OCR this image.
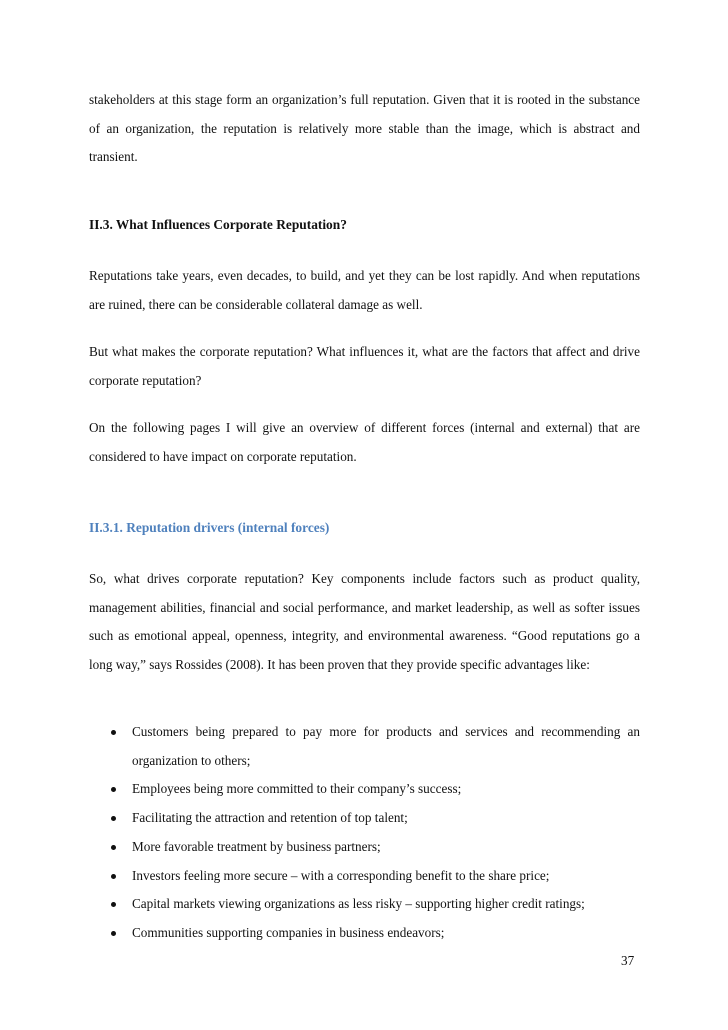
stakeholders at this stage form an organization’s full reputation. Given that it is rooted in the substance of an organization, the reputation is relatively more stable than the image, which is abstract and transient.

II.3. What Influences Corporate Reputation?

Reputations take years, even decades, to build, and yet they can be lost rapidly. And when reputations are ruined, there can be considerable collateral damage as well.

But what makes the corporate reputation? What influences it, what are the factors that affect and drive corporate reputation?

On the following pages I will give an overview of different forces (internal and external) that are considered to have impact on corporate reputation.

II.3.1. Reputation drivers (internal forces)

So, what drives corporate reputation? Key components include factors such as product quality, management abilities, financial and social performance, and market leadership, as well as softer issues such as emotional appeal, openness, integrity, and environmental awareness. “Good reputations go a long way,” says Rossides (2008). It has been proven that they provide specific advantages like:

Customers being prepared to pay more for products and services and recommending an organization to others;
Employees being more committed to their company’s success;
Facilitating the attraction and retention of top talent;
More favorable treatment by business partners;
Investors feeling more secure – with a corresponding benefit to the share price;
Capital markets viewing organizations as less risky – supporting higher credit ratings;
Communities supporting companies in business endeavors;
37
